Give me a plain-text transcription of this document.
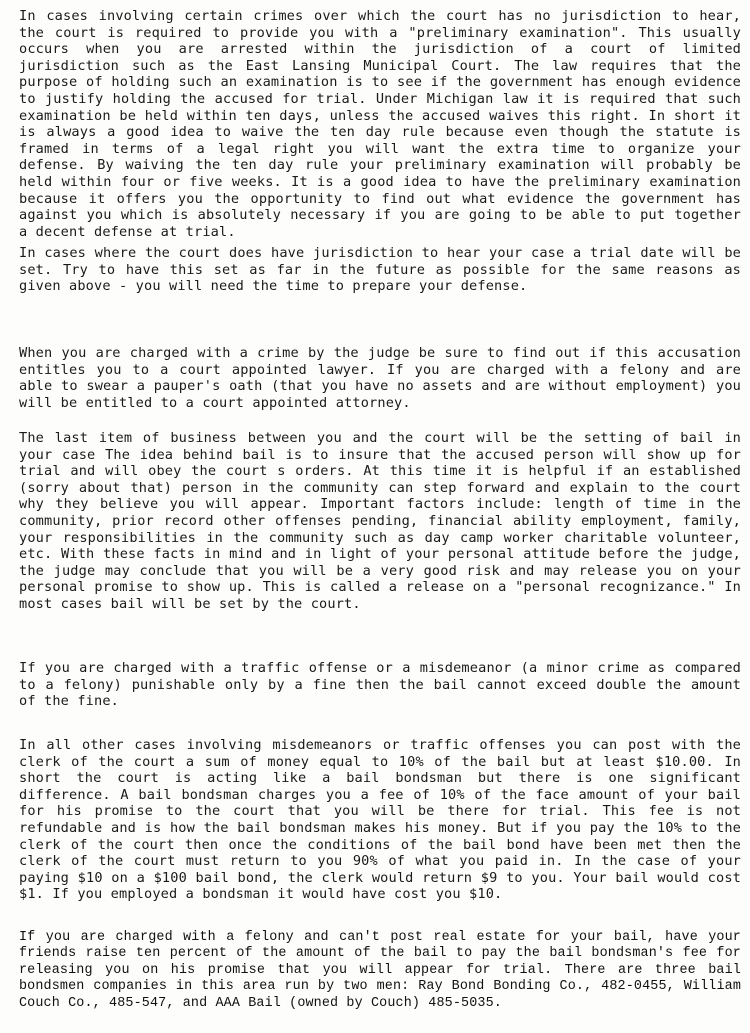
In cases involving certain crimes over which the court has no jurisdiction to hear, the court is required to provide you with a "preliminary examination". This usually occurs when you are arrested within the jurisdiction of a court of limited jurisdiction such as the East Lansing Municipal Court. The law requires that the purpose of holding such an examination is to see if the government has enough evidence to justify holding the accused for trial. Under Michigan law it is required that such examination be held within ten days, unless the accused waives this right. In short it is always a good idea to waive the ten day rule because even though the statute is framed in terms of a legal right you will want the extra time to organize your defense. By waiving the ten day rule your preliminary examination will probably be held within four or five weeks. It is a good idea to have the preliminary examination because it offers you the opportunity to find out what evidence the government has against you which is absolutely necessary if you are going to be able to put together a decent defense at trial.

In cases where the court does have jurisdiction to hear your case a trial date will be set. Try to have this set as far in the future as possible for the same reasons as given above - you will need the time to prepare your defense.

When you are charged with a crime by the judge be sure to find out if this accusation entitles you to a court appointed lawyer. If you are charged with a felony and are able to swear a pauper's oath (that you have no assets and are without employment) you will be entitled to a court appointed attorney.

The last item of business between you and the court will be the setting of bail in your case The idea behind bail is to insure that the accused person will show up for trial and will obey the court s orders. At this time it is helpful if an established (sorry about that) person in the community can step forward and explain to the court why they believe you will appear. Important factors include: length of time in the community, prior record other offenses pending, financial ability employment, family, your responsibilities in the community such as day camp worker charitable volunteer, etc. With these facts in mind and in light of your personal attitude before the judge, the judge may conclude that you will be a very good risk and may release you on your personal promise to show up. This is called a release on a "personal recognizance." In most cases bail will be set by the court.

If you are charged with a traffic offense or a misdemeanor (a minor crime as compared to a felony) punishable only by a fine then the bail cannot exceed double the amount of the fine.

In all other cases involving misdemeanors or traffic offenses you can post with the clerk of the court a sum of money equal to 10% of the bail but at least $10.00. In short the court is acting like a bail bondsman but there is one significant difference. A bail bondsman charges you a fee of 10% of the face amount of your bail for his promise to the court that you will be there for trial. This fee is not refundable and is how the bail bondsman makes his money. But if you pay the 10% to the clerk of the court then once the conditions of the bail bond have been met then the clerk of the court must return to you 90% of what you paid in. In the case of your paying $10 on a $100 bail bond, the clerk would return $9 to you. Your bail would cost $1. If you employed a bondsman it would have cost you $10.

If you are charged with a felony and can't post real estate for your bail, have your friends raise ten percent of the amount of the bail to pay the bail bondsman's fee for releasing you on his promise that you will appear for trial. There are three bail bondsmen companies in this area run by two men: Ray Bond Bonding Co., 482-0455, William Couch Co., 485-547, and AAA Bail (owned by Couch) 485-5035.
